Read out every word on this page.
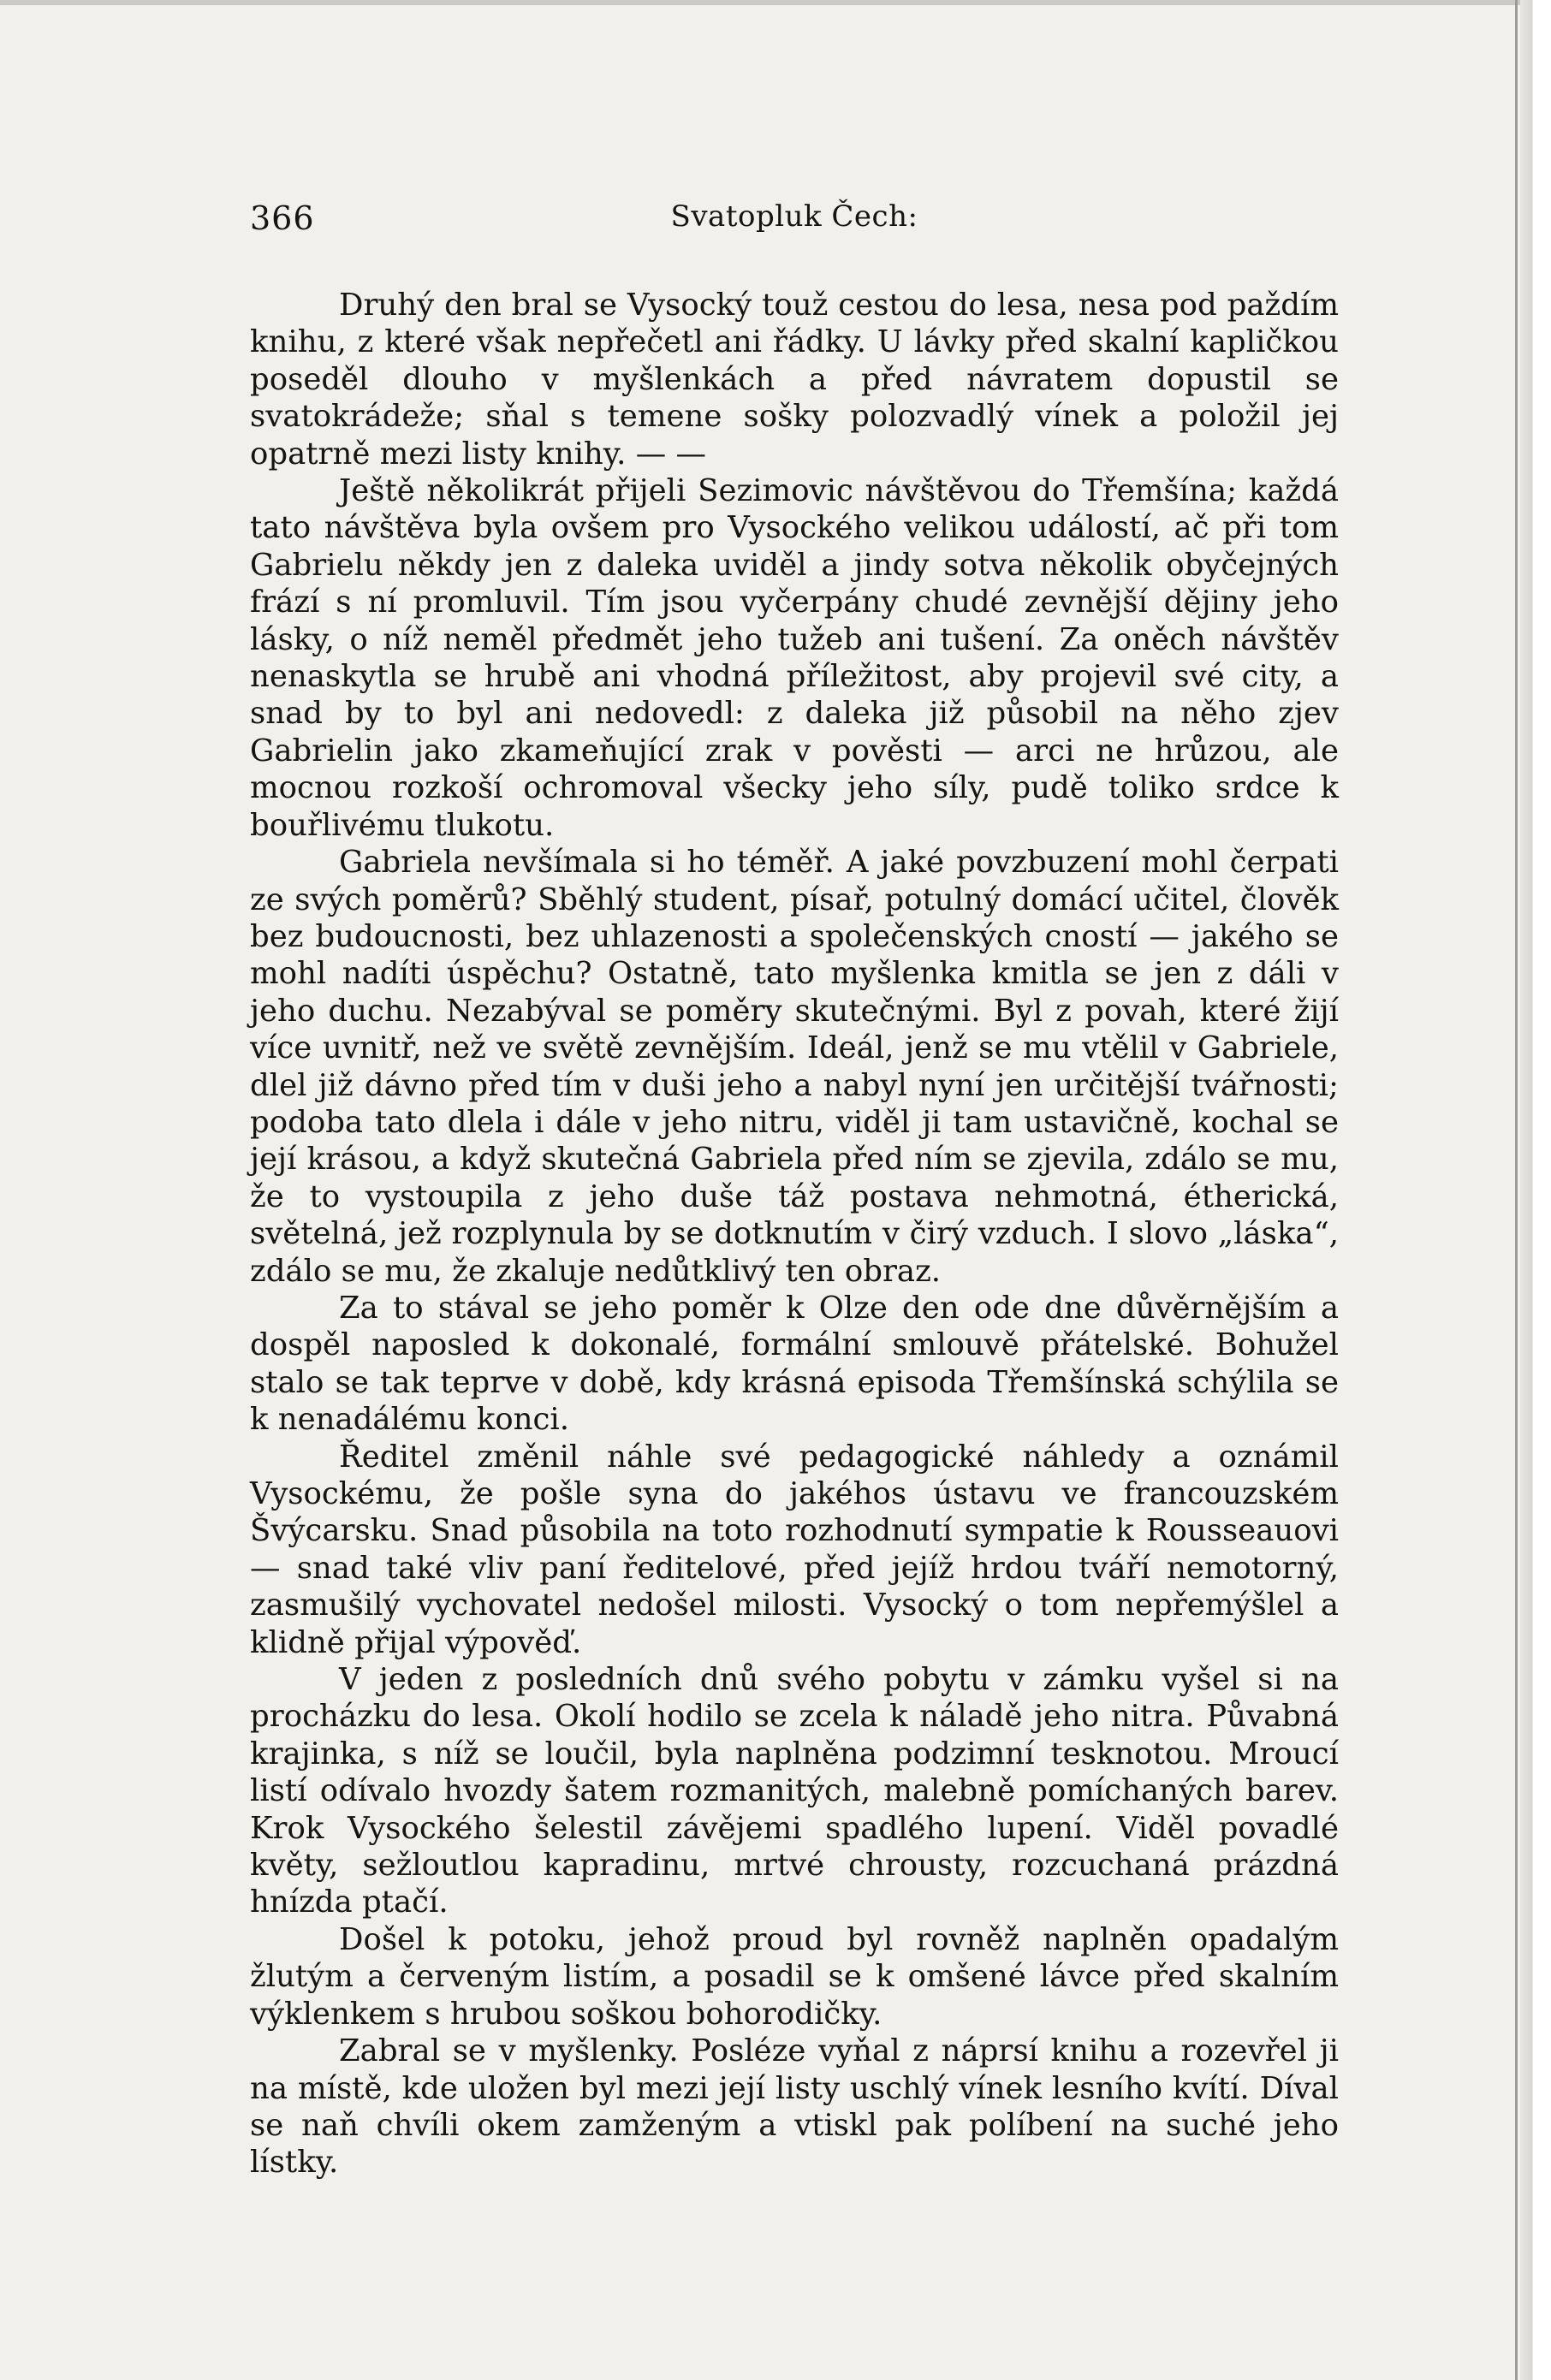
366	Svatopluk Čech:

Druhý den bral se Vysocký touž cestou do lesa, nesa pod paždím knihu, z které však nepřečetl ani řádky. U lávky před skalní kapličkou poseděl dlouho v myšlenkách a před návratem dopustil se svatokrádeže; sňal s temene sošky polozvadlý vínek a položil jej opatrně mezi listy knihy. — —

Ještě několikrát přijeli Sezimovic návštěvou do Třemšína; každá tato návštěva byla ovšem pro Vysockého velikou událostí, ač při tom Gabrielu někdy jen z daleka uviděl a jindy sotva několik obyčejných frází s ní promluvil. Tím jsou vyčerpány chudé zevnější dějiny jeho lásky, o níž neměl předmět jeho tužeb ani tušení. Za oněch návštěv nenaskytla se hrubě ani vhodná příležitost, aby projevil své city, a snad by to byl ani nedovedl: z daleka již působil na něho zjev Gabrielin jako zkameňující zrak v pověsti — arci ne hrůzou, ale mocnou rozkoší ochromoval všecky jeho síly, pudě toliko srdce k bouřlivému tlukotu.

Gabriela nevšímala si ho téměř. A jaké povzbuzení mohl čerpati ze svých poměrů? Sběhlý student, písař, potulný domácí učitel, člověk bez budoucnosti, bez uhlazenosti a společenských cností — jakého se mohl nadíti úspěchu? Ostatně, tato myšlenka kmitla se jen z dáli v jeho duchu. Nezabýval se poměry skutečnými. Byl z povah, které žijí více uvnitř, než ve světě zevnějším. Ideál, jenž se mu vtělil v Gabriele, dlel již dávno před tím v duši jeho a nabyl nyní jen určitější tvářnosti; podoba tato dlela i dále v jeho nitru, viděl ji tam ustavičně, kochal se její krásou, a když skutečná Gabriela před ním se zjevila, zdálo se mu, že to vystoupila z jeho duše táž postava nehmotná, étherická, světelná, jež rozplynula by se dotknutím v čirý vzduch. I slovo „láska“, zdálo se mu, že zkaluje nedůtklivý ten obraz.

Za to stával se jeho poměr k Olze den ode dne důvěrnějším a dospěl naposled k dokonalé, formální smlouvě přátelské. Bohužel stalo se tak teprve v době, kdy krásná episoda Třemšínská schýlila se k nenadálému konci.

Ředitel změnil náhle své pedagogické náhledy a oznámil Vysockému, že pošle syna do jakéhos ústavu ve francouzském Švýcarsku. Snad působila na toto rozhodnutí sympatie k Rousseauovi — snad také vliv paní ředitelové, před jejíž hrdou tváří nemotorný, zasmušilý vychovatel nedošel milosti. Vysocký o tom nepřemýšlel a klidně přijal výpověď.

V jeden z posledních dnů svého pobytu v zámku vyšel si na procházku do lesa. Okolí hodilo se zcela k náladě jeho nitra. Půvabná krajinka, s níž se loučil, byla naplněna podzimní tesknotou. Mroucí listí odívalo hvozdy šatem rozmanitých, malebně pomíchaných barev. Krok Vysockého šelestil závějemi spadlého lupení. Viděl povadlé květy, sežloutlou kapradinu, mrtvé chrousty, rozcuchaná prázdná hnízda ptačí.

Došel k potoku, jehož proud byl rovněž naplněn opadalým žlutým a červeným listím, a posadil se k omšené lávce před skalním výklenkem s hrubou soškou bohorodičky.

Zabral se v myšlenky. Posléze vyňal z náprsí knihu a rozevřel ji na místě, kde uložen byl mezi její listy uschlý vínek lesního kvítí. Díval se naň chvíli okem zamženým a vtiskl pak políbení na suché jeho lístky.
